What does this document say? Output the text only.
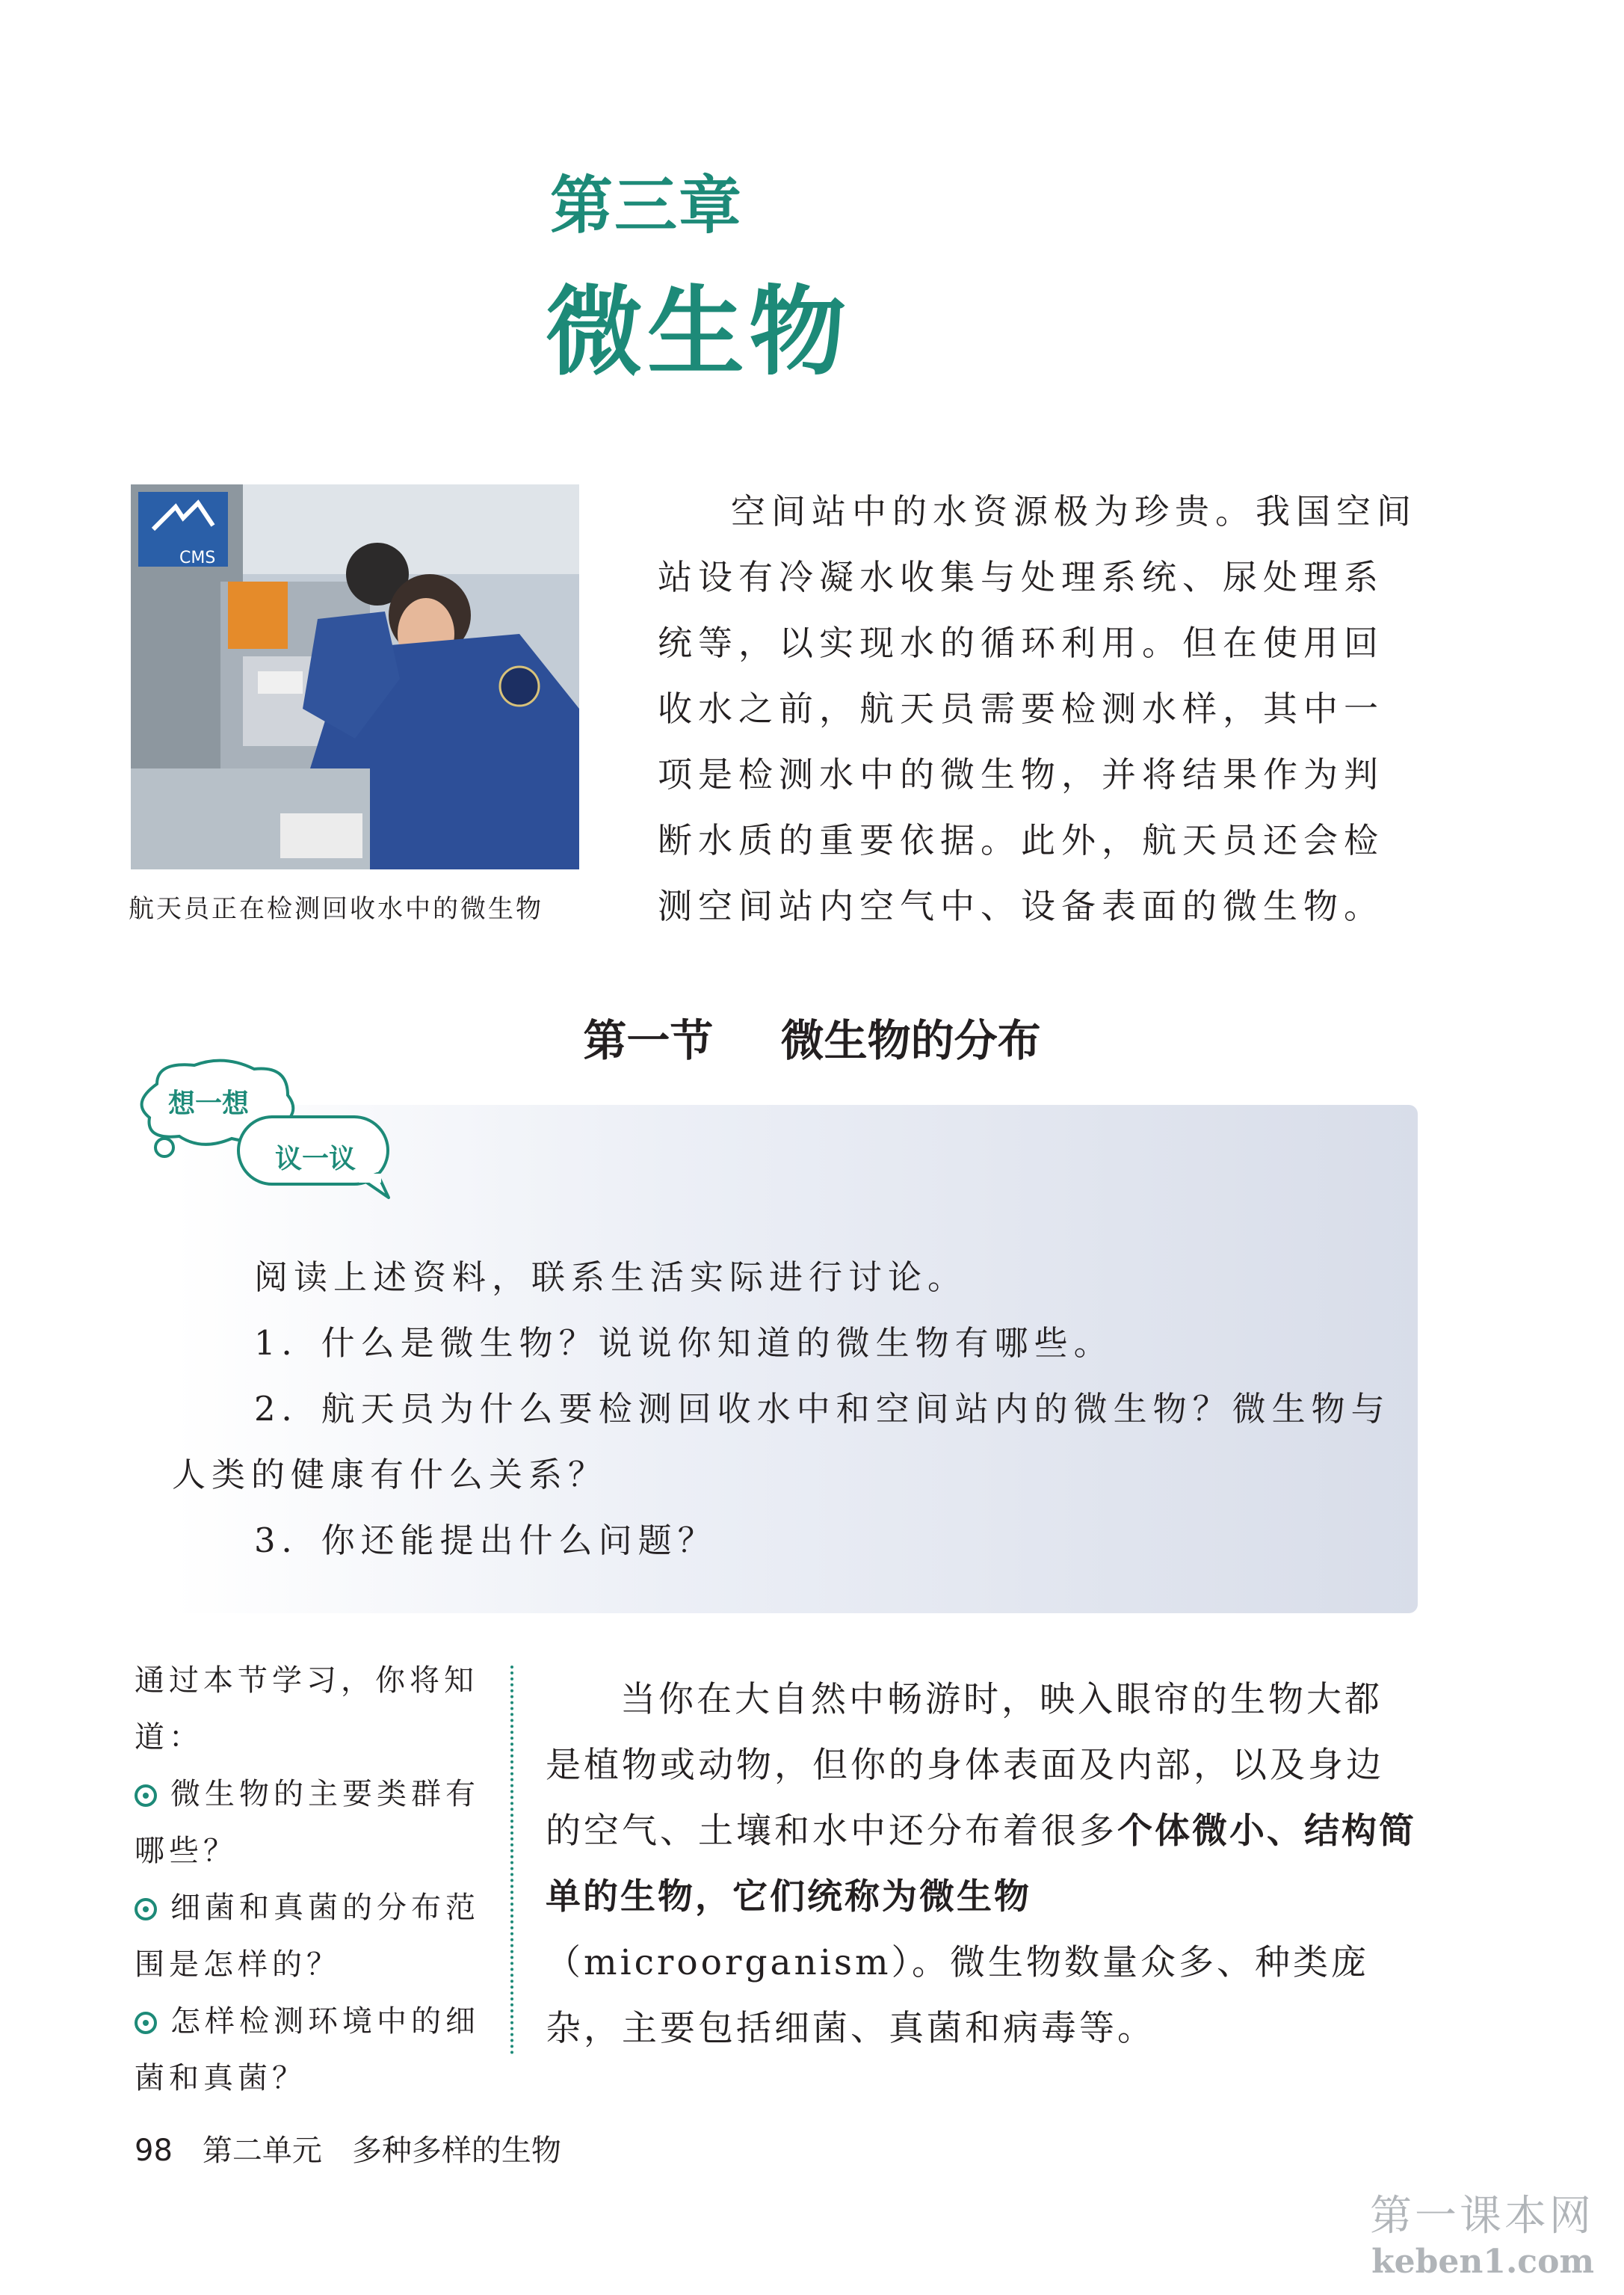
第三章
微生物
CMS
航天员正在检测回收水中的微生物

空间站中的水资源极为珍贵。我国空间站设有冷凝水收集与处理系统、尿处理系统等，以实现水的循环利用。但在使用回收水之前，航天员需要检测水样，其中一项是检测水中的微生物，并将结果作为判断水质的重要依据。此外，航天员还会检测空间站内空气中、设备表面的微生物。

第一节 微生物的分布
想一想
议一议

阅读上述资料，联系生活实际进行讨论。

1．什么是微生物？说说你知道的微生物有哪些。

2．航天员为什么要检测回收水中和空间站内的微生物？微生物与

人类的健康有什么关系？

3．你还能提出什么问题？

通过本节学习，你将知道：

微生物的主要类群有哪些？

细菌和真菌的分布范围是怎样的？

怎样检测环境中的细菌和真菌？

当你在大自然中畅游时，映入眼帘的生物大都是植物或动物，但你的身体表面及内部，以及身边的空气、土壤和水中还分布着很多个体微小、结构简单的生物，它们统称为微生物（microorganism）。微生物数量众多、种类庞杂，主要包括细菌、真菌和病毒等。

98 第二单元　多种多样的生物
第一课本网
keben1.com
